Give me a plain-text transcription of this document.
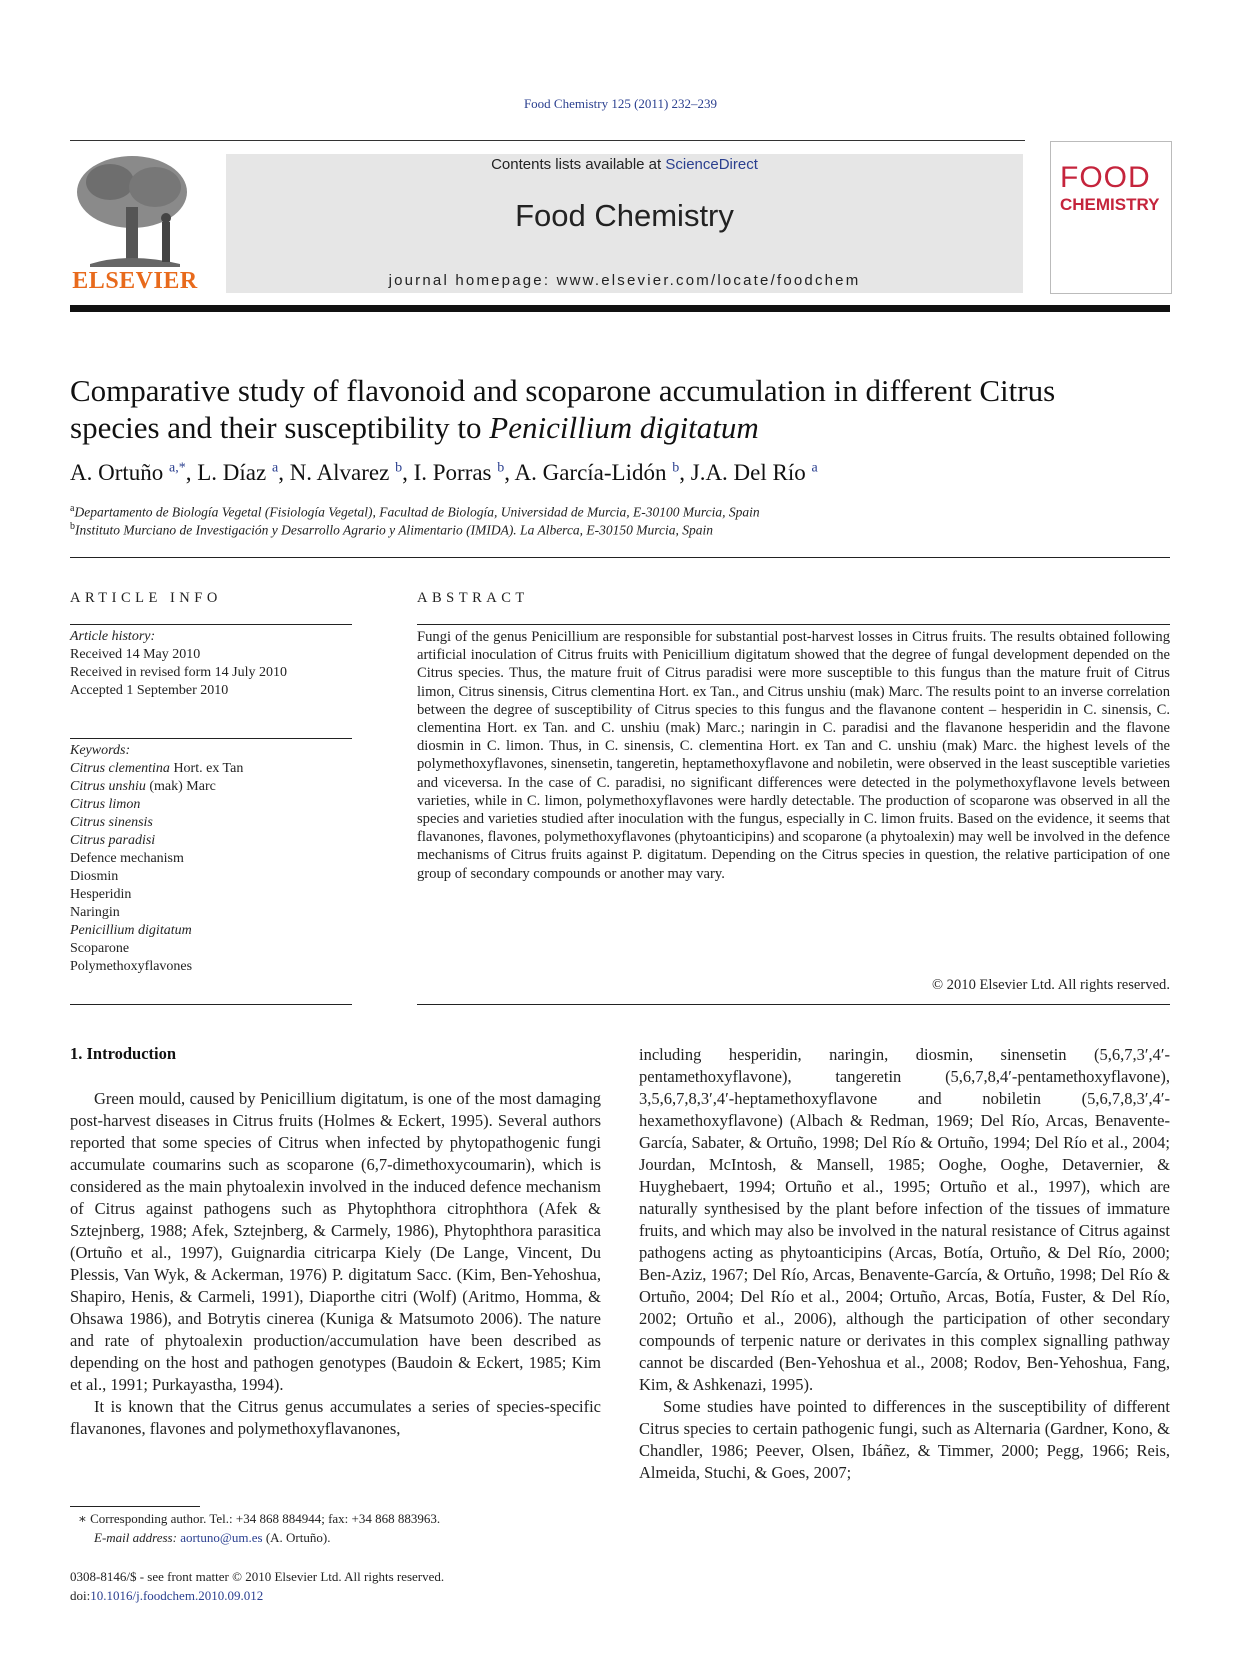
Food Chemistry 125 (2011) 232–239
ELSEVIER
Contents lists available at ScienceDirect
Food Chemistry
journal homepage: www.elsevier.com/locate/foodchem
FOOD
CHEMISTRY
Comparative study of flavonoid and scoparone accumulation in different Citrus
species and their susceptibility to Penicillium digitatum
A. Ortuño $^{a,*}$, L. Díaz $^a$, N. Alvarez $^b$, I. Porras $^b$, A. García-Lidón $^b$, J.A. Del Río $^a$
$^a$Departamento de Biología Vegetal (Fisiología Vegetal), Facultad de Biología, Universidad de Murcia, E-30100 Murcia, Spain
$^b$Instituto Murciano de Investigación y Desarrollo Agrario y Alimentario (IMIDA). La Alberca, E-30150 Murcia, Spain
ARTICLE INFO
Article history:
Received 14 May 2010
Received in revised form 14 July 2010
Accepted 1 September 2010
Keywords:
Citrus clementina Hort. ex Tan
Citrus unshiu (mak) Marc
Citrus limon
Citrus sinensis
Citrus paradisi
Defence mechanism
Diosmin
Hesperidin
Naringin
Penicillium digitatum
Scoparone
Polymethoxyflavones
ABSTRACT
Fungi of the genus Penicillium are responsible for substantial post-harvest losses in Citrus fruits. The results obtained following artificial inoculation of Citrus fruits with Penicillium digitatum showed that the degree of fungal development depended on the Citrus species. Thus, the mature fruit of Citrus paradisi were more susceptible to this fungus than the mature fruit of Citrus limon, Citrus sinensis, Citrus clementina Hort. ex Tan., and Citrus unshiu (mak) Marc. The results point to an inverse correlation between the degree of susceptibility of Citrus species to this fungus and the flavanone content – hesperidin in C. sinensis, C. clementina Hort. ex Tan. and C. unshiu (mak) Marc.; naringin in C. paradisi and the flavanone hesperidin and the flavone diosmin in C. limon. Thus, in C. sinensis, C. clementina Hort. ex Tan and C. unshiu (mak) Marc. the highest levels of the polymethoxyflavones, sinensetin, tangeretin, heptamethoxyflavone and nobiletin, were observed in the least susceptible varieties and viceversa. In the case of C. paradisi, no significant differences were detected in the polymethoxyflavone levels between varieties, while in C. limon, polymethoxyflavones were hardly detectable. The production of scoparone was observed in all the species and varieties studied after inoculation with the fungus, especially in C. limon fruits. Based on the evidence, it seems that flavanones, flavones, polymethoxyflavones (phytoanticipins) and scoparone (a phytoalexin) may well be involved in the defence mechanisms of Citrus fruits against P. digitatum. Depending on the Citrus species in question, the relative participation of one group of secondary compounds or another may vary.
© 2010 Elsevier Ltd. All rights reserved.
1. Introduction

Green mould, caused by Penicillium digitatum, is one of the most damaging post-harvest diseases in Citrus fruits (Holmes & Eckert, 1995). Several authors reported that some species of Citrus when infected by phytopathogenic fungi accumulate coumarins such as scoparone (6,7-dimethoxycoumarin), which is considered as the main phytoalexin involved in the induced defence mechanism of Citrus against pathogens such as Phytophthora citrophthora (Afek & Sztejnberg, 1988; Afek, Sztejnberg, & Carmely, 1986), Phytophthora parasitica (Ortuño et al., 1997), Guignardia citricarpa Kiely (De Lange, Vincent, Du Plessis, Van Wyk, & Ackerman, 1976) P. digitatum Sacc. (Kim, Ben-Yehoshua, Shapiro, Henis, & Carmeli, 1991), Diaporthe citri (Wolf) (Aritmo, Homma, & Ohsawa 1986), and Botrytis cinerea (Kuniga & Matsumoto 2006). The nature and rate of phytoalexin production/accumulation have been described as depending on the host and pathogen genotypes (Baudoin & Eckert, 1985; Kim et al., 1991; Purkayastha, 1994).

It is known that the Citrus genus accumulates a series of species-specific flavanones, flavones and polymethoxyflavanones,

including hesperidin, naringin, diosmin, sinensetin (5,6,7,3′,4′-pentamethoxyflavone), tangeretin (5,6,7,8,4′-pentamethoxyflavone), 3,5,6,7,8,3′,4′-heptamethoxyflavone and nobiletin (5,6,7,8,3′,4′-hexamethoxyflavone) (Albach & Redman, 1969; Del Río, Arcas, Benavente-García, Sabater, & Ortuño, 1998; Del Río & Ortuño, 1994; Del Río et al., 2004; Jourdan, McIntosh, & Mansell, 1985; Ooghe, Ooghe, Detavernier, & Huyghebaert, 1994; Ortuño et al., 1995; Ortuño et al., 1997), which are naturally synthesised by the plant before infection of the tissues of immature fruits, and which may also be involved in the natural resistance of Citrus against pathogens acting as phytoanticipins (Arcas, Botía, Ortuño, & Del Río, 2000; Ben-Aziz, 1967; Del Río, Arcas, Benavente-García, & Ortuño, 1998; Del Río & Ortuño, 2004; Del Río et al., 2004; Ortuño, Arcas, Botía, Fuster, & Del Río, 2002; Ortuño et al., 2006), although the participation of other secondary compounds of terpenic nature or derivates in this complex signalling pathway cannot be discarded (Ben-Yehoshua et al., 2008; Rodov, Ben-Yehoshua, Fang, Kim, & Ashkenazi, 1995).

Some studies have pointed to differences in the susceptibility of different Citrus species to certain pathogenic fungi, such as Alternaria (Gardner, Kono, & Chandler, 1986; Peever, Olsen, Ibáñez, & Timmer, 2000; Pegg, 1966; Reis, Almeida, Stuchi, & Goes, 2007;

∗ Corresponding author. Tel.: +34 868 884944; fax: +34 868 883963.
E-mail address: aortuno@um.es (A. Ortuño).
0308-8146/$ - see front matter © 2010 Elsevier Ltd. All rights reserved.
doi:10.1016/j.foodchem.2010.09.012
